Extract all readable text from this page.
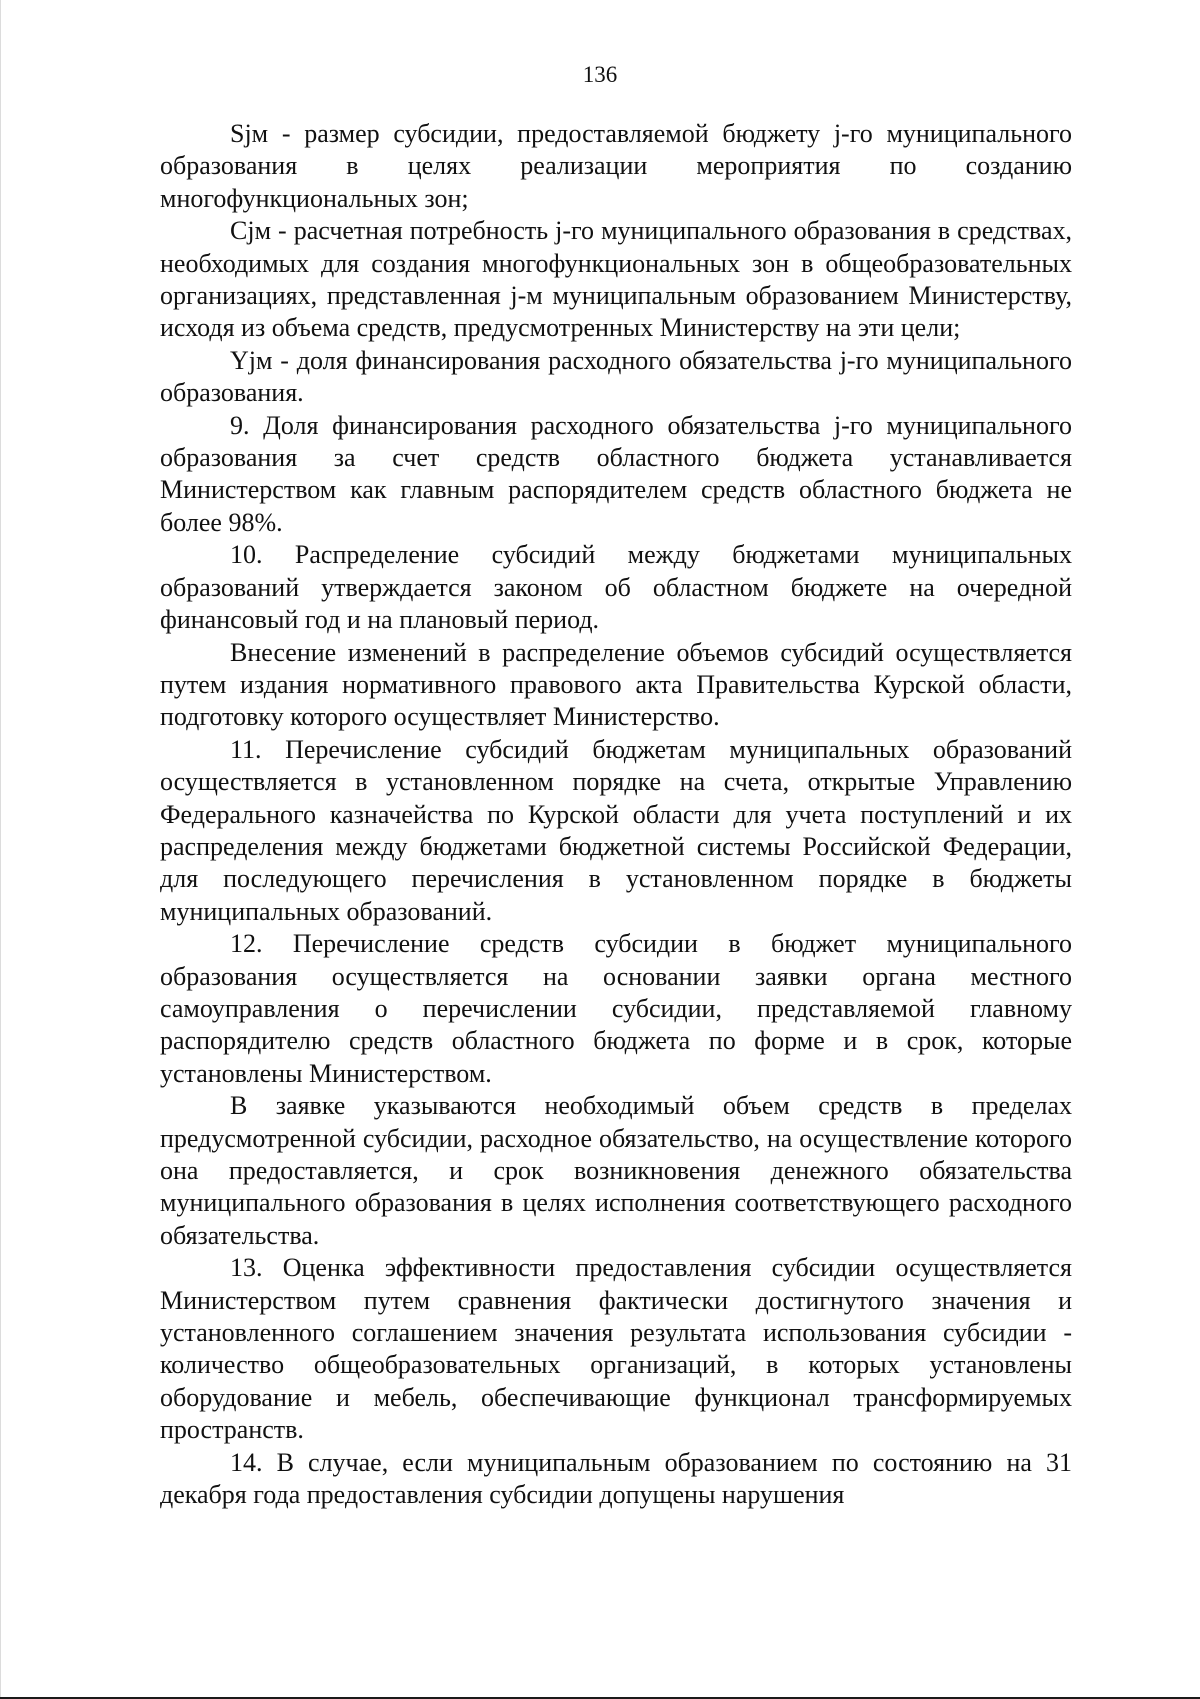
136

Sjм - размер субсидии, предоставляемой бюджету j-го муниципального образования в целях реализации мероприятия по созданию многофункциональных зон;

Cjм - расчетная потребность j-го муниципального образования в средствах, необходимых для создания многофункциональных зон в общеобразовательных организациях, представленная j-м муниципальным образованием Министерству, исходя из объема средств, предусмотренных Министерству на эти цели;

Yjм - доля финансирования расходного обязательства j-го муниципального образования.

9. Доля финансирования расходного обязательства j-го муниципального образования за счет средств областного бюджета устанавливается Министерством как главным распорядителем средств областного бюджета не более 98%.

10. Распределение субсидий между бюджетами муниципальных образований утверждается законом об областном бюджете на очередной финансовый год и на плановый период.

Внесение изменений в распределение объемов субсидий осуществляется путем издания нормативного правового акта Правительства Курской области, подготовку которого осуществляет Министерство.

11. Перечисление субсидий бюджетам муниципальных образований осуществляется в установленном порядке на счета, открытые Управлению Федерального казначейства по Курской области для учета поступлений и их распределения между бюджетами бюджетной системы Российской Федерации, для последующего перечисления в установленном порядке в бюджеты муниципальных образований.

12. Перечисление средств субсидии в бюджет муниципального образования осуществляется на основании заявки органа местного самоуправления о перечислении субсидии, представляемой главному распорядителю средств областного бюджета по форме и в срок, которые установлены Министерством.

В заявке указываются необходимый объем средств в пределах предусмотренной субсидии, расходное обязательство, на осуществление которого она предоставляется, и срок возникновения денежного обязательства муниципального образования в целях исполнения соответствующего расходного обязательства.

13. Оценка эффективности предоставления субсидии осуществляется Министерством путем сравнения фактически достигнутого значения и установленного соглашением значения результата использования субсидии - количество общеобразовательных организаций, в которых установлены оборудование и мебель, обеспечивающие функционал трансформируемых пространств.

14. В случае, если муниципальным образованием по состоянию на 31 декабря года предоставления субсидии допущены нарушения
